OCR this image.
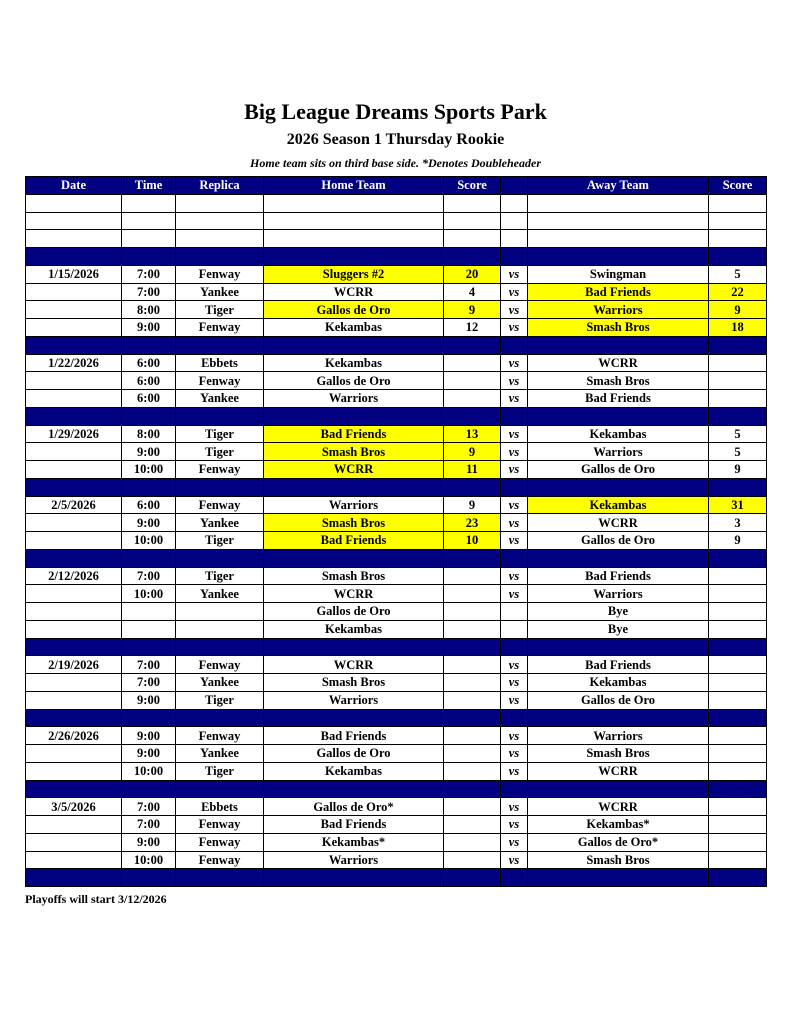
Big League Dreams Sports Park
2026 Season 1 Thursday Rookie
Home team sits on third base side. *Denotes Doubleheader
Date	Time	Replica	Home Team	Score		Away Team	Score

1/15/2026	7:00	Fenway	Sluggers #2	20	vs	Swingman	5
	7:00	Yankee	WCRR	4	vs	Bad Friends	22
	8:00	Tiger	Gallos de Oro	9	vs	Warriors	9
	9:00	Fenway	Kekambas	12	vs	Smash Bros	18

1/22/2026	6:00	Ebbets	Kekambas		vs	WCRR	
	6:00	Fenway	Gallos de Oro		vs	Smash Bros	
	6:00	Yankee	Warriors		vs	Bad Friends	

1/29/2026	8:00	Tiger	Bad Friends	13	vs	Kekambas	5
	9:00	Tiger	Smash Bros	9	vs	Warriors	5
	10:00	Fenway	WCRR	11	vs	Gallos de Oro	9

2/5/2026	6:00	Fenway	Warriors	9	vs	Kekambas	31
	9:00	Yankee	Smash Bros	23	vs	WCRR	3
	10:00	Tiger	Bad Friends	10	vs	Gallos de Oro	9

2/12/2026	7:00	Tiger	Smash Bros		vs	Bad Friends	
	10:00	Yankee	WCRR		vs	Warriors	
			Gallos de Oro			Bye	
			Kekambas			Bye	

2/19/2026	7:00	Fenway	WCRR		vs	Bad Friends	
	7:00	Yankee	Smash Bros		vs	Kekambas	
	9:00	Tiger	Warriors		vs	Gallos de Oro	

2/26/2026	9:00	Fenway	Bad Friends		vs	Warriors	
	9:00	Yankee	Gallos de Oro		vs	Smash Bros	
	10:00	Tiger	Kekambas		vs	WCRR	

3/5/2026	7:00	Ebbets	Gallos de Oro*		vs	WCRR	
	7:00	Fenway	Bad Friends		vs	Kekambas*	
	9:00	Fenway	Kekambas*		vs	Gallos de Oro*	
	10:00	Fenway	Warriors		vs	Smash Bros	

Playoffs will start 3/12/2026
